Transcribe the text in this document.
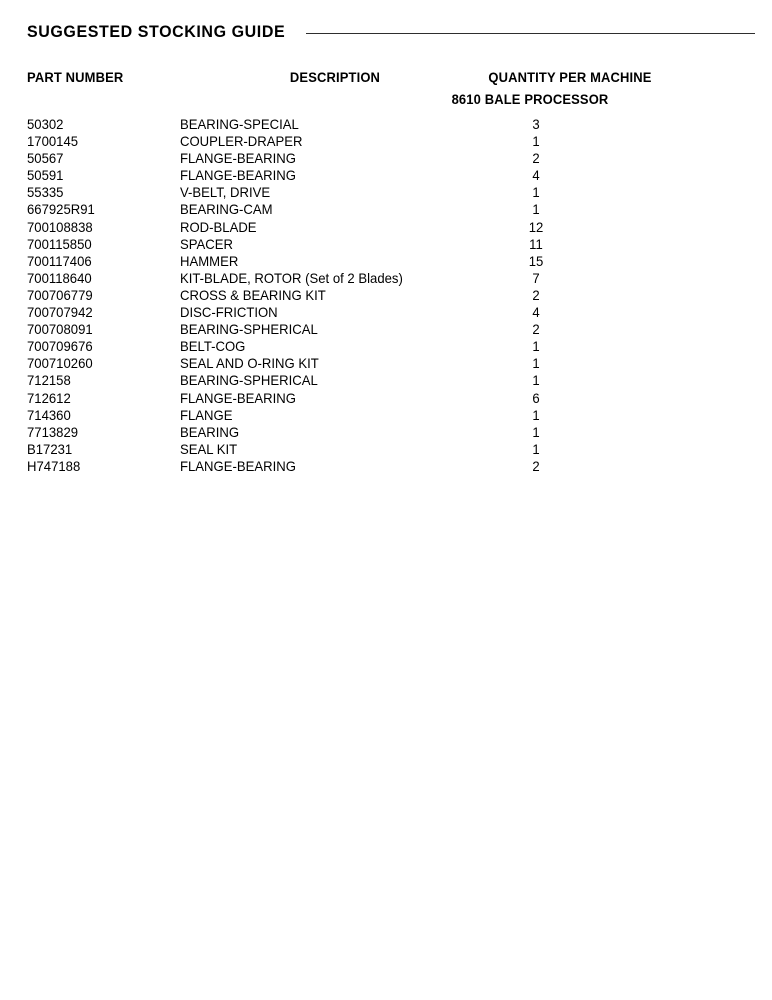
SUGGESTED STOCKING GUIDE
PART NUMBER	DESCRIPTION	QUANTITY PER MACHINE
8610 BALE PROCESSOR
50302	BEARING-SPECIAL	3
1700145	COUPLER-DRAPER	1
50567	FLANGE-BEARING	2
50591	FLANGE-BEARING	4
55335	V-BELT, DRIVE	1
667925R91	BEARING-CAM	1
700108838	ROD-BLADE	12
700115850	SPACER	11
700117406	HAMMER	15
700118640	KIT-BLADE, ROTOR (Set of 2 Blades)	7
700706779	CROSS & BEARING KIT	2
700707942	DISC-FRICTION	4
700708091	BEARING-SPHERICAL	2
700709676	BELT-COG	1
700710260	SEAL AND O-RING KIT	1
712158	BEARING-SPHERICAL	1
712612	FLANGE-BEARING	6
714360	FLANGE	1
7713829	BEARING	1
B17231	SEAL KIT	1
H747188	FLANGE-BEARING	2
